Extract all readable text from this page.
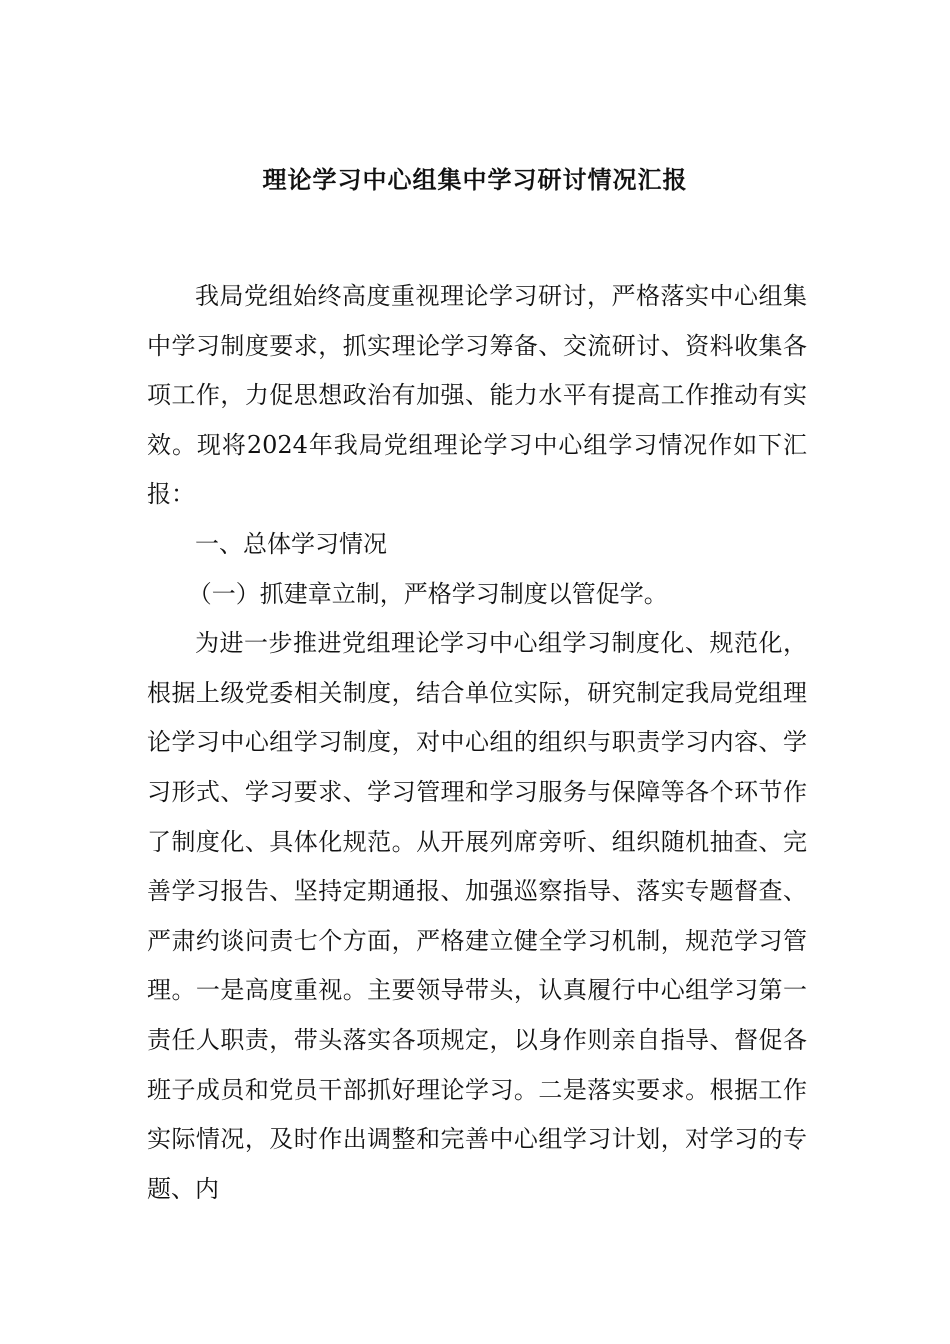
理论学习中心组集中学习研讨情况汇报

我局党组始终高度重视理论学习研讨，严格落实中心组集中学习制度要求，抓实理论学习筹备、交流研讨、资料收集各项工作，力促思想政治有加强、能力水平有提高工作推动有实效。现将2024年我局党组理论学习中心组学习情况作如下汇报：

一、总体学习情况

（一）抓建章立制，严格学习制度以管促学。

为进一步推进党组理论学习中心组学习制度化、规范化，根据上级党委相关制度，结合单位实际，研究制定我局党组理论学习中心组学习制度，对中心组的组织与职责学习内容、学习形式、学习要求、学习管理和学习服务与保障等各个环节作了制度化、具体化规范。从开展列席旁听、组织随机抽查、完善学习报告、坚持定期通报、加强巡察指导、落实专题督查、严肃约谈问责七个方面，严格建立健全学习机制，规范学习管理。一是高度重视。主要领导带头，认真履行中心组学习第一责任人职责，带头落实各项规定，以身作则亲自指导、督促各班子成员和党员干部抓好理论学习。二是落实要求。根据工作实际情况，及时作出调整和完善中心组学习计划，对学习的专题、内
